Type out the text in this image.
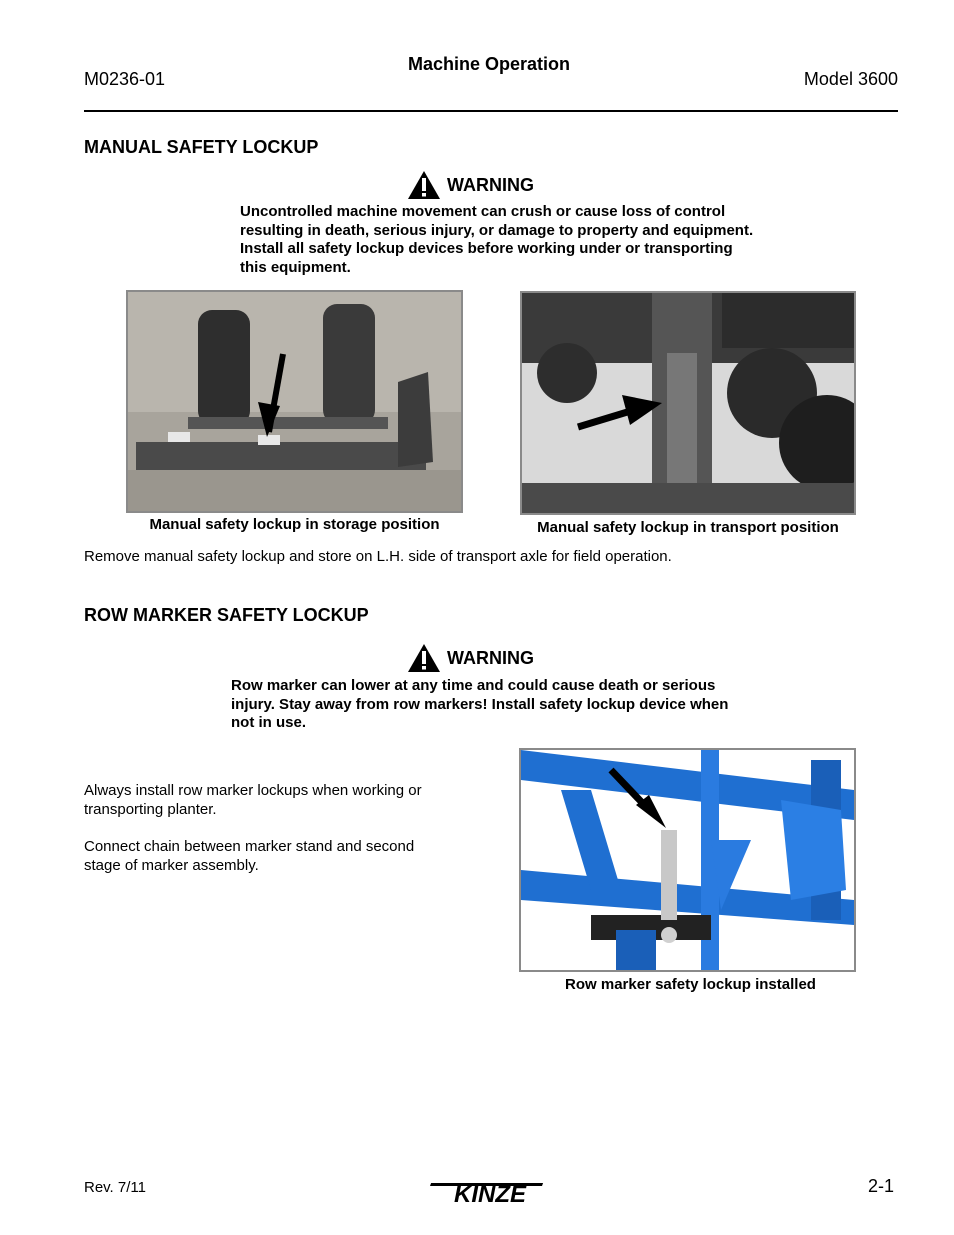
Machine Operation
M0236-01	Model 3600
MANUAL SAFETY LOCKUP
WARNING
Uncontrolled machine movement can crush or cause loss of control
resulting in death, serious injury, or damage to property and equipment.
Install all safety lockup devices before working under or transporting
this equipment.
Manual safety lockup in storage position	Manual safety lockup in transport position
Remove manual safety lockup and store on L.H. side of transport axle for field operation.
ROW MARKER SAFETY LOCKUP
WARNING
Row marker can lower at any time and could cause death or serious
injury. Stay away from row markers! Install safety lockup device when
not in use.
Always install row marker lockups when working or
transporting planter.
Connect chain between marker stand and second
stage of marker assembly.
Row marker safety lockup installed
Rev. 7/11	KINZE	2-1
